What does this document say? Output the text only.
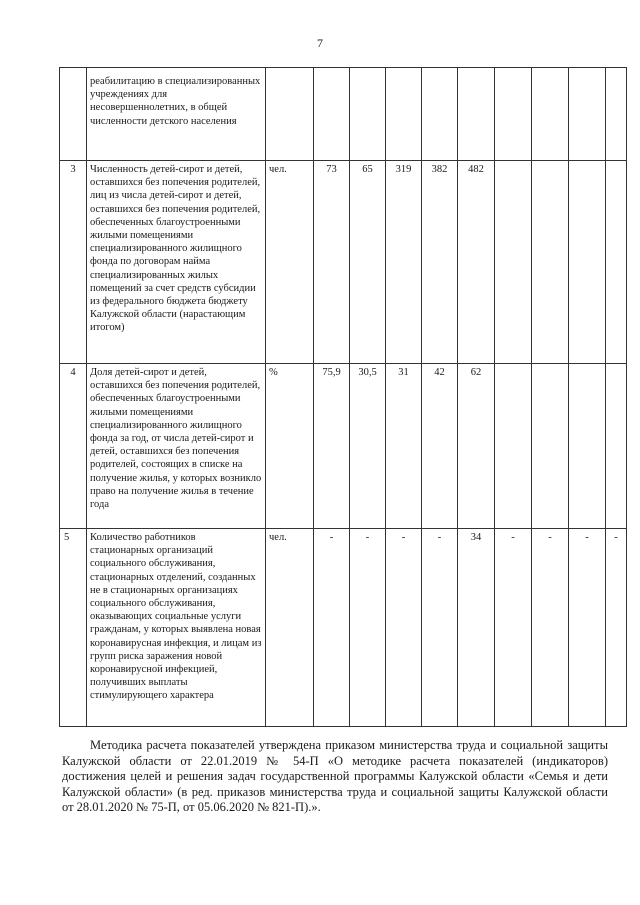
7
	реабилитацию в специализированных учреждениях для несовершеннолетних, в общей численности детского населения										
3	Численность детей-сирот и детей, оставшихся без попечения родителей, лиц из числа детей-сирот и детей, оставшихся без попечения родителей, обеспеченных благоустроенными жилыми помещениями специализированного жилищного фонда по договорам найма специализированных жилых помещений за счет средств субсидии из федерального бюджета бюджету Калужской области (нарастающим итогом)	чел.	73	65	319	382	482				
4	Доля детей-сирот и детей, оставшихся без попечения родителей, обеспеченных благоустроенными жилыми помещениями специализированного жилищного фонда за год, от числа детей-сирот и детей, оставшихся без попечения родителей, состоящих в списке на получение жилья, у которых возникло право на получение жилья в течение года	%	75,9	30,5	31	42	62				
5	Количество работников стационарных организаций социального обслуживания, стационарных отделений, созданных не в стационарных организациях социального обслуживания, оказывающих социальные услуги гражданам, у которых выявлена новая коронавирусная инфекция, и лицам из групп риска заражения новой коронавирусной инфекцией, получивших выплаты стимулирующего характера	чел.	-	-	-	-	34	-	-	-	-
Методика расчета показателей утверждена приказом министерства труда и социальной защиты Калужской области от 22.01.2019 № 54-П «О методике расчета показателей (индикаторов) достижения целей и решения задач государственной программы Калужской области «Семья и дети Калужской области» (в ред. приказов министерства труда и социальной защиты Калужской области от 28.01.2020 № 75-П, от 05.06.2020 № 821-П).».
